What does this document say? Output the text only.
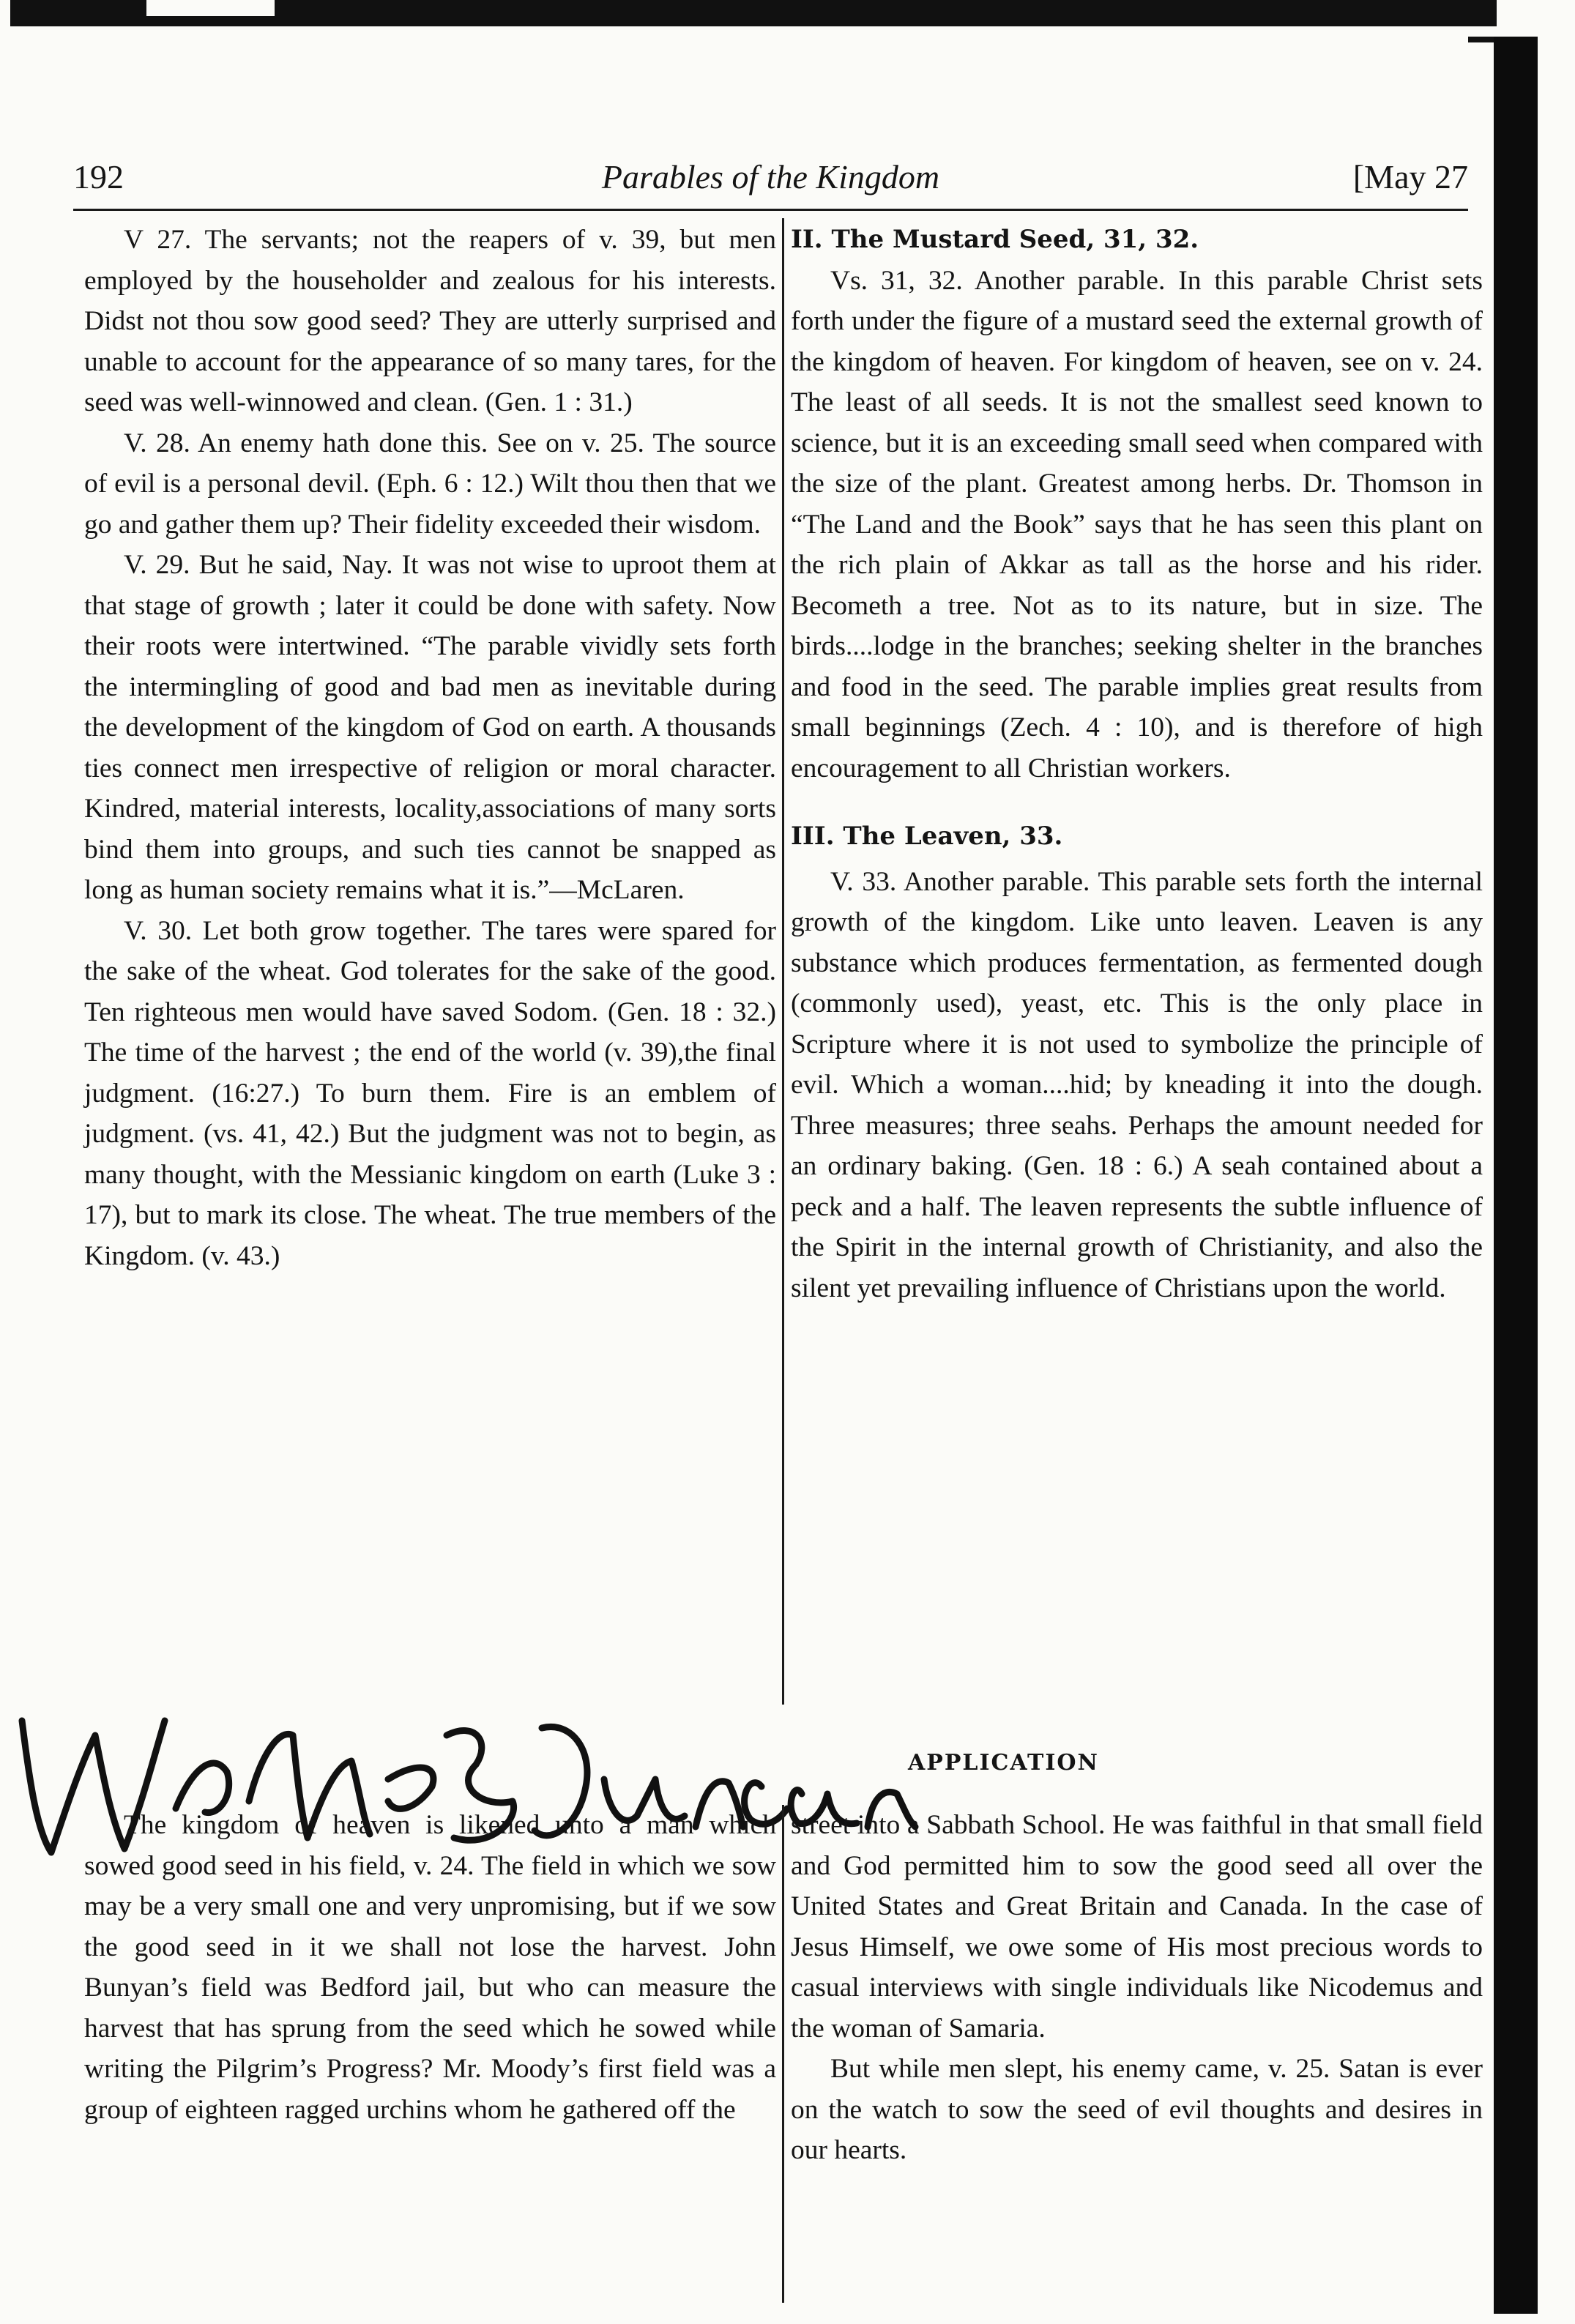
192	Parables of the Kingdom	[May 27

V 27. The servants; not the reapers of v. 39, but men employed by the householder and zealous for his interests. Didst not thou sow good seed? They are utterly surprised and unable to account for the appearance of so many tares, for the seed was well-winnowed and clean. (Gen. 1 : 31.)

V. 28. An enemy hath done this. See on v. 25. The source of evil is a personal devil. (Eph. 6 : 12.) Wilt thou then that we go and gather them up? Their fidelity exceeded their wisdom.

V. 29. But he said, Nay. It was not wise to uproot them at that stage of growth ; later it could be done with safety. Now their roots were intertwined. “The parable vividly sets forth the intermingling of good and bad men as inevitable during the development of the kingdom of God on earth. A thousands ties connect men irrespective of religion or moral character. Kindred, material interests, locality,associations of many sorts bind them into groups, and such ties cannot be snapped as long as human society remains what it is.”—McLaren.

V. 30. Let both grow together. The tares were spared for the sake of the wheat. God tolerates for the sake of the good. Ten righteous men would have saved Sodom. (Gen. 18 : 32.) The time of the harvest ; the end of the world (v. 39),the final judgment. (16:27.) To burn them. Fire is an emblem of judgment. (vs. 41, 42.) But the judgment was not to begin, as many thought, with the Messianic kingdom on earth (Luke 3 : 17), but to mark its close. The wheat. The true members of the Kingdom. (v. 43.)

II. The Mustard Seed, 31, 32.

Vs. 31, 32. Another parable. In this parable Christ sets forth under the figure of a mustard seed the external growth of the kingdom of heaven. For kingdom of heaven, see on v. 24. The least of all seeds. It is not the smallest seed known to science, but it is an exceeding small seed when compared with the size of the plant. Greatest among herbs. Dr. Thomson in “The Land and the Book” says that he has seen this plant on the rich plain of Akkar as tall as the horse and his rider. Becometh a tree. Not as to its nature, but in size. The birds....lodge in the branches; seeking shelter in the branches and food in the seed. The parable implies great results from small beginnings (Zech. 4 : 10), and is therefore of high encouragement to all Christian workers.

III. The Leaven, 33.

V. 33. Another parable. This parable sets forth the internal growth of the kingdom. Like unto leaven. Leaven is any substance which produces fermentation, as fermented dough (commonly used), yeast, etc. This is the only place in Scripture where it is not used to symbolize the principle of evil. Which a woman....hid; by kneading it into the dough. Three measures; three seahs. Perhaps the amount needed for an ordinary baking. (Gen. 18 : 6.) A seah contained about a peck and a half. The leaven represents the subtle influence of the Spirit in the internal growth of Christianity, and also the silent yet prevailing influence of Christians upon the world.

APPLICATION

The kingdom of heaven is likened unto a man which sowed good seed in his field, v. 24. The field in which we sow may be a very small one and very unpromising, but if we sow the good seed in it we shall not lose the harvest. John Bunyan’s field was Bedford jail, but who can measure the harvest that has sprung from the seed which he sowed while writing the Pilgrim’s Progress? Mr. Moody’s first field was a group of eighteen ragged urchins whom he gathered off the

street into a Sabbath School. He was faithful in that small field and God permitted him to sow the good seed all over the United States and Great Britain and Canada. In the case of Jesus Himself, we owe some of His most precious words to casual interviews with single individuals like Nicodemus and the woman of Samaria.

But while men slept, his enemy came, v. 25. Satan is ever on the watch to sow the seed of evil thoughts and desires in our hearts.
